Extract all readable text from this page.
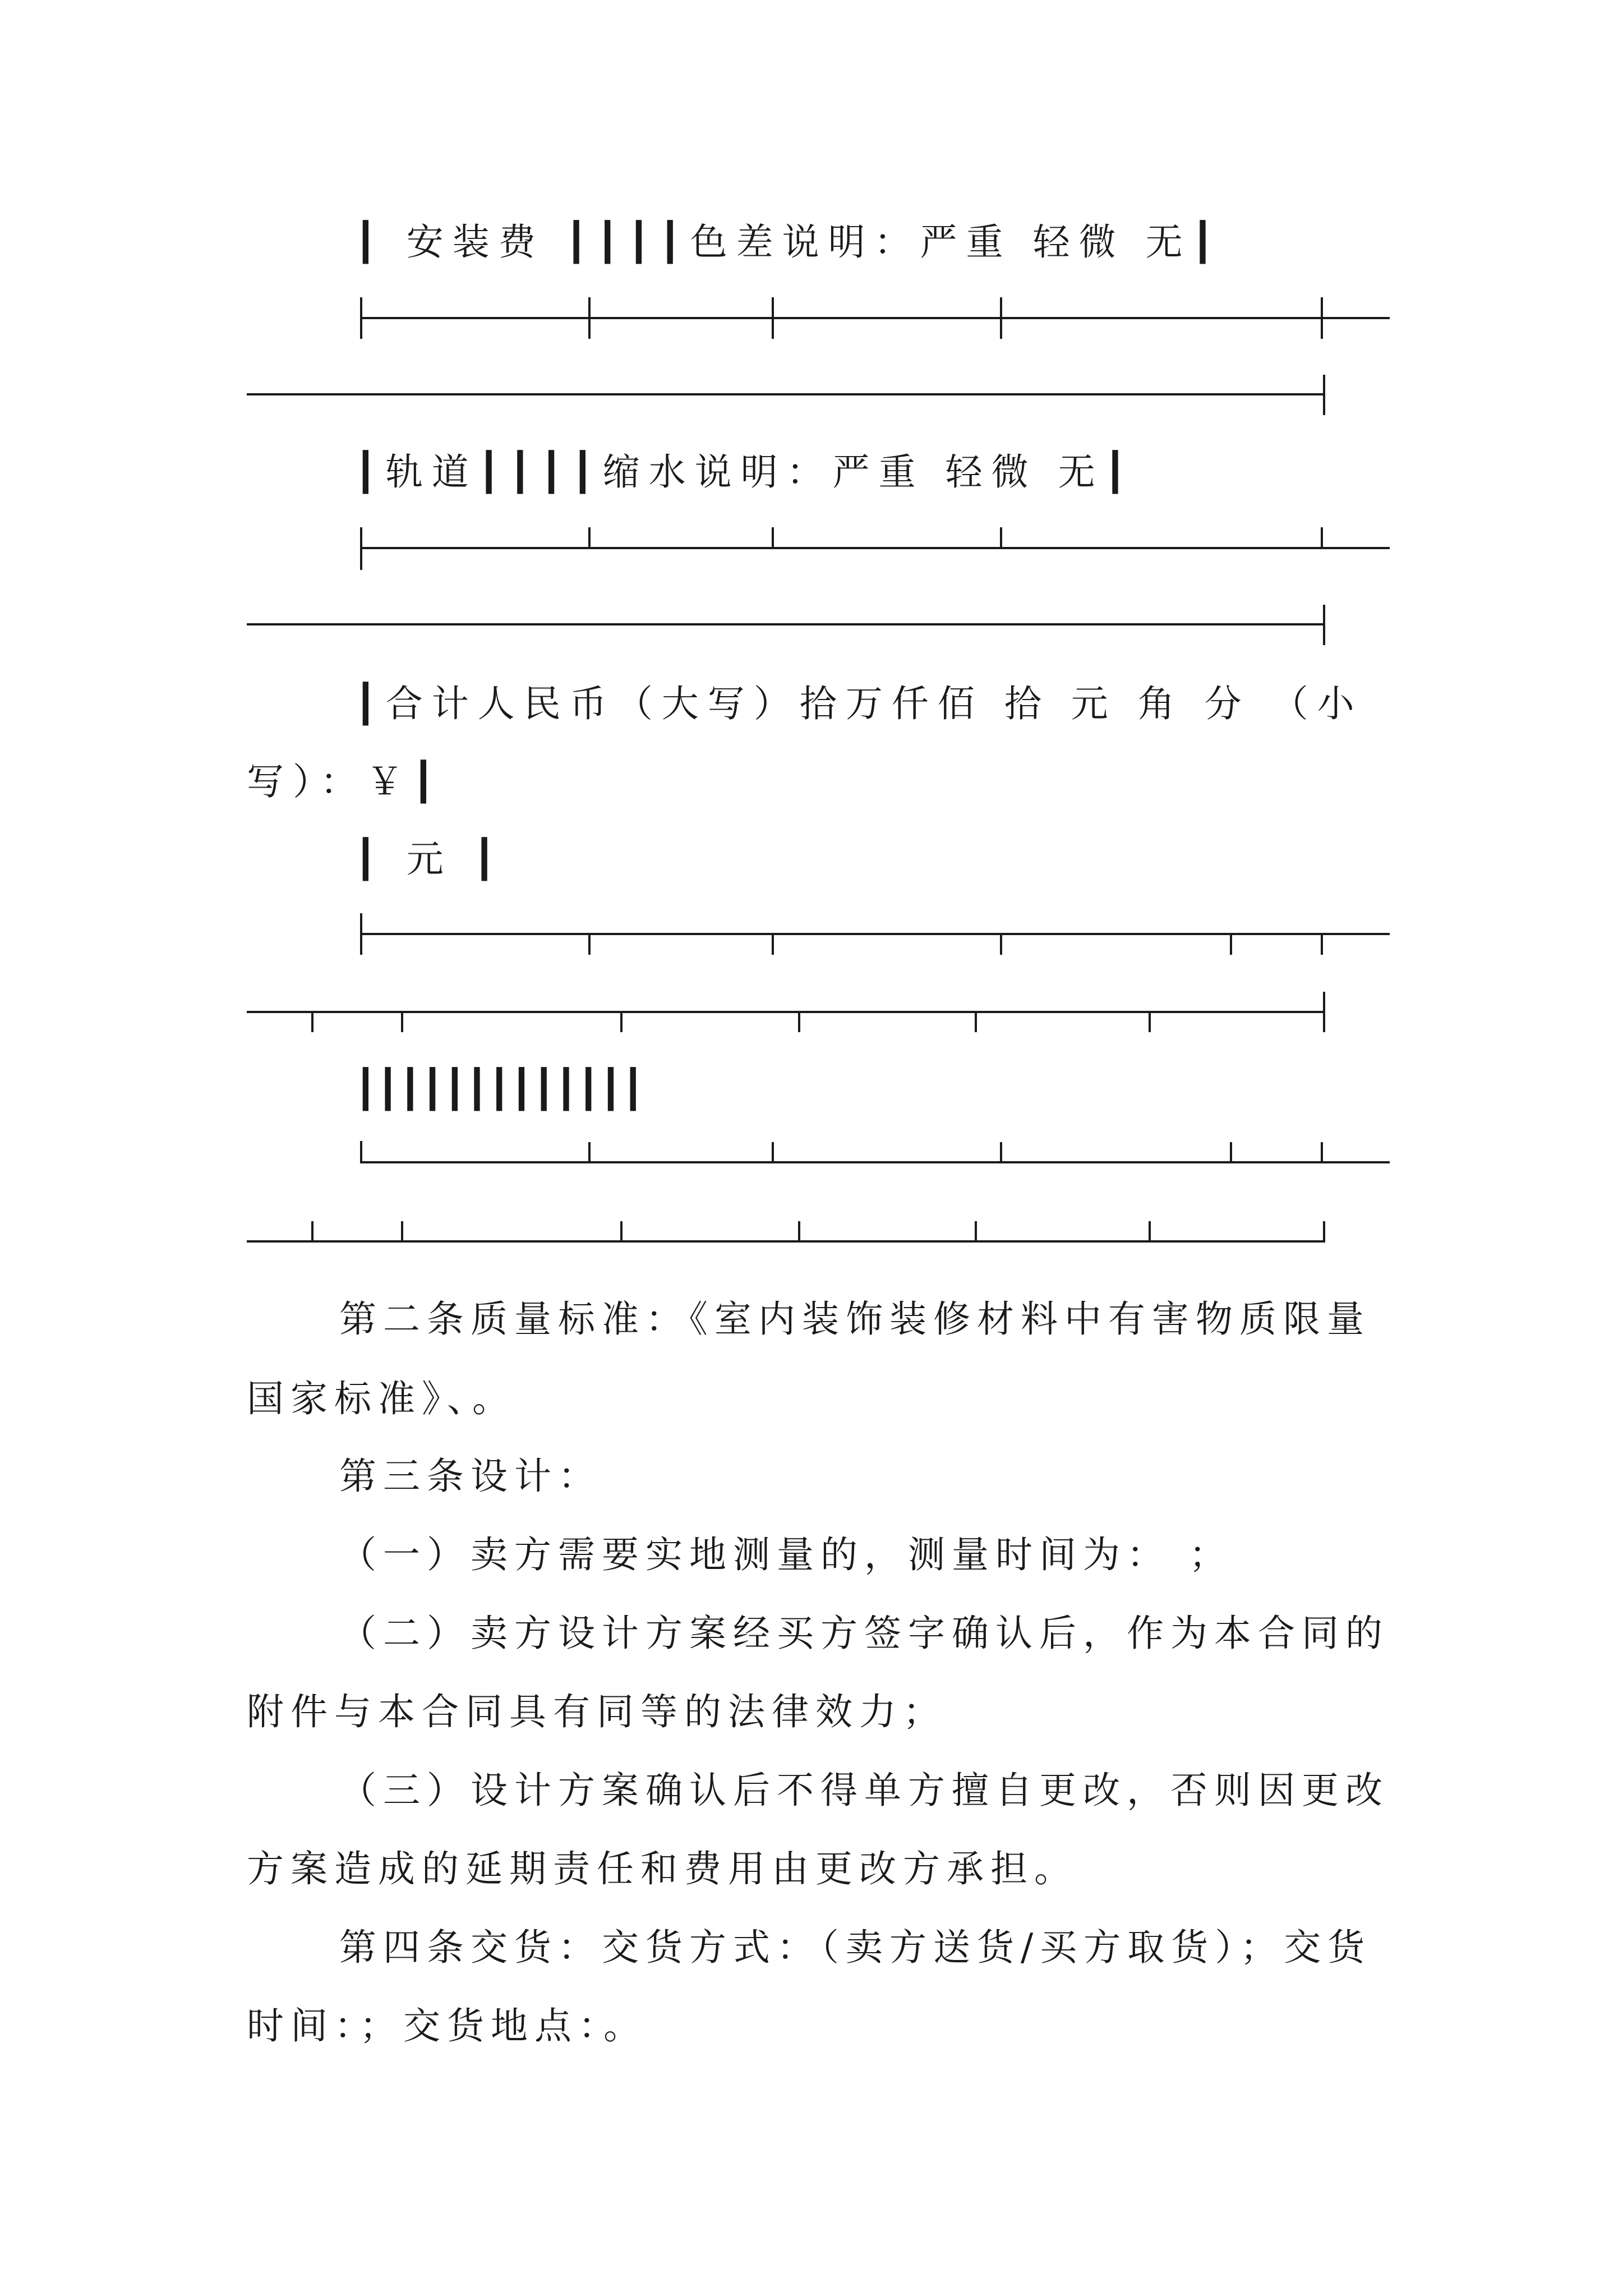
┃ 安装费 ┃┃┃┃色差说明：严重 轻微 无┃
┃轨道┃┃┃┃缩水说明：严重 轻微 无┃
┃合计人民币（大写）拾万仟佰 拾 元 角 分 （小
写）：￥┃
┃ 元 ┃
┃┃┃┃┃┃┃┃┃┃┃┃┃
第二条质量标准：《室内装饰装修材料中有害物质限量
国家标准》、。
第三条设计：
（一）卖方需要实地测量的，测量时间为： ；
（二）卖方设计方案经买方签字确认后，作为本合同的
附件与本合同具有同等的法律效力；
（三）设计方案确认后不得单方擅自更改，否则因更改
方案造成的延期责任和费用由更改方承担。
第四条交货：交货方式：（卖方送货/买方取货）；交货
时间：；交货地点：。
